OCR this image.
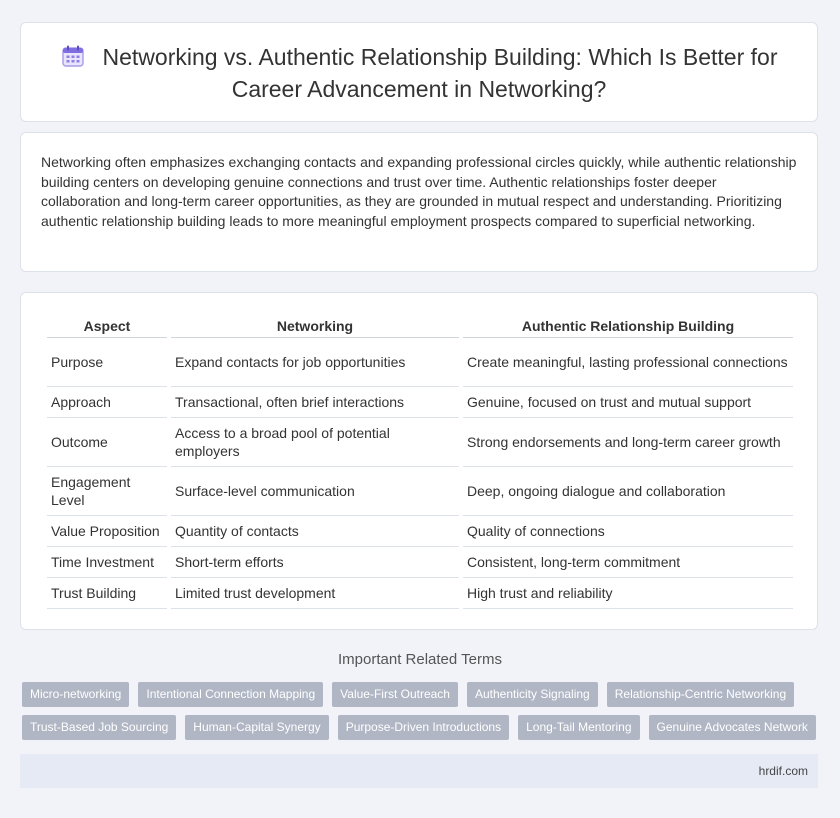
Networking vs. Authentic Relationship Building: Which Is Better for Career Advancement in Networking?

Networking often emphasizes exchanging contacts and expanding professional circles quickly, while authentic relationship building centers on developing genuine connections and trust over time. Authentic relationships foster deeper collaboration and long-term career opportunities, as they are grounded in mutual respect and understanding. Prioritizing authentic relationship building leads to more meaningful employment prospects compared to superficial networking.

Aspect	Networking	Authentic Relationship Building
Purpose	Expand contacts for job opportunities	Create meaningful, lasting professional connections
Approach	Transactional, often brief interactions	Genuine, focused on trust and mutual support
Outcome	Access to a broad pool of potential employers	Strong endorsements and long-term career growth
Engagement Level	Surface-level communication	Deep, ongoing dialogue and collaboration
Value Proposition	Quantity of contacts	Quality of connections
Time Investment	Short-term efforts	Consistent, long-term commitment
Trust Building	Limited trust development	High trust and reliability
Important Related Terms
Micro-networking	Intentional Connection Mapping	Value-First Outreach	Authenticity Signaling	Relationship-Centric Networking
Trust-Based Job Sourcing	Human-Capital Synergy	Purpose-Driven Introductions	Long-Tail Mentoring	Genuine Advocates Network
hrdif.com
